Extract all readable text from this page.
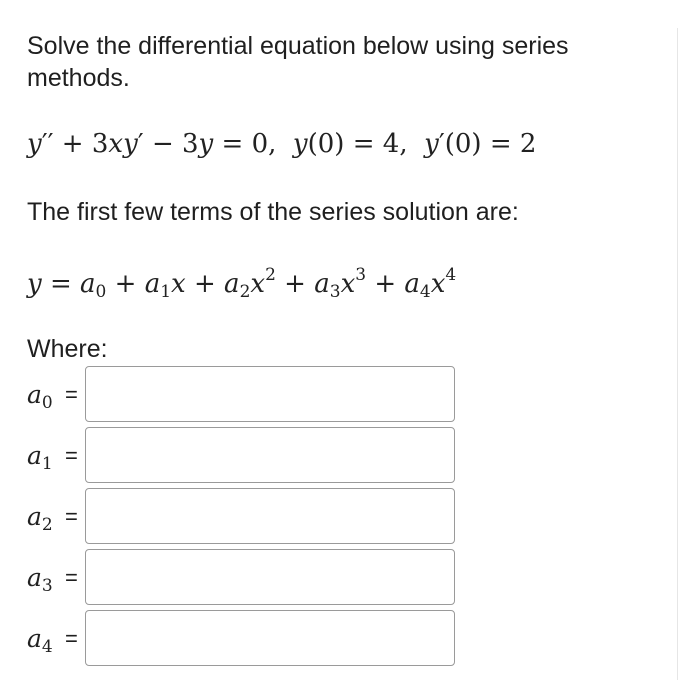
Solve the differential equation below using series methods.

y′′ + 3xy′ − 3y = 0, y(0) = 4, y′(0) = 2

The first few terms of the series solution are:

$y = a_0 + a_1x + a_2x^2 + a_3x^3 + a_4x^4$

Where:

$a_0$ =
$a_1$ =
$a_2$ =
$a_3$ =
$a_4$ =
